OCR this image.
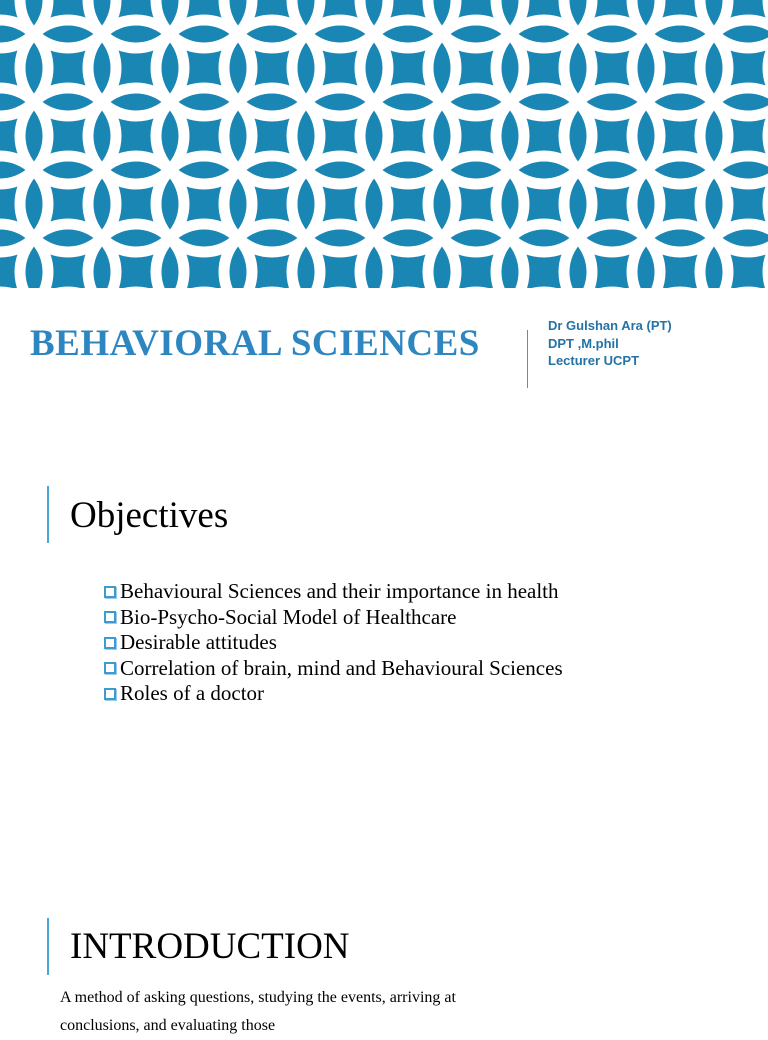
BEHAVIORAL SCIENCES	Dr Gulshan Ara (PT)
DPT ,M.phil
Lecturer UCPT
Objectives
Behavioural Sciences and their importance in health
Bio-Psycho-Social Model of Healthcare
Desirable attitudes
Correlation of brain, mind and Behavioural Sciences
Roles of a doctor
INTRODUCTION

A method of asking questions, studying the events, arriving at conclusions, and evaluating those
